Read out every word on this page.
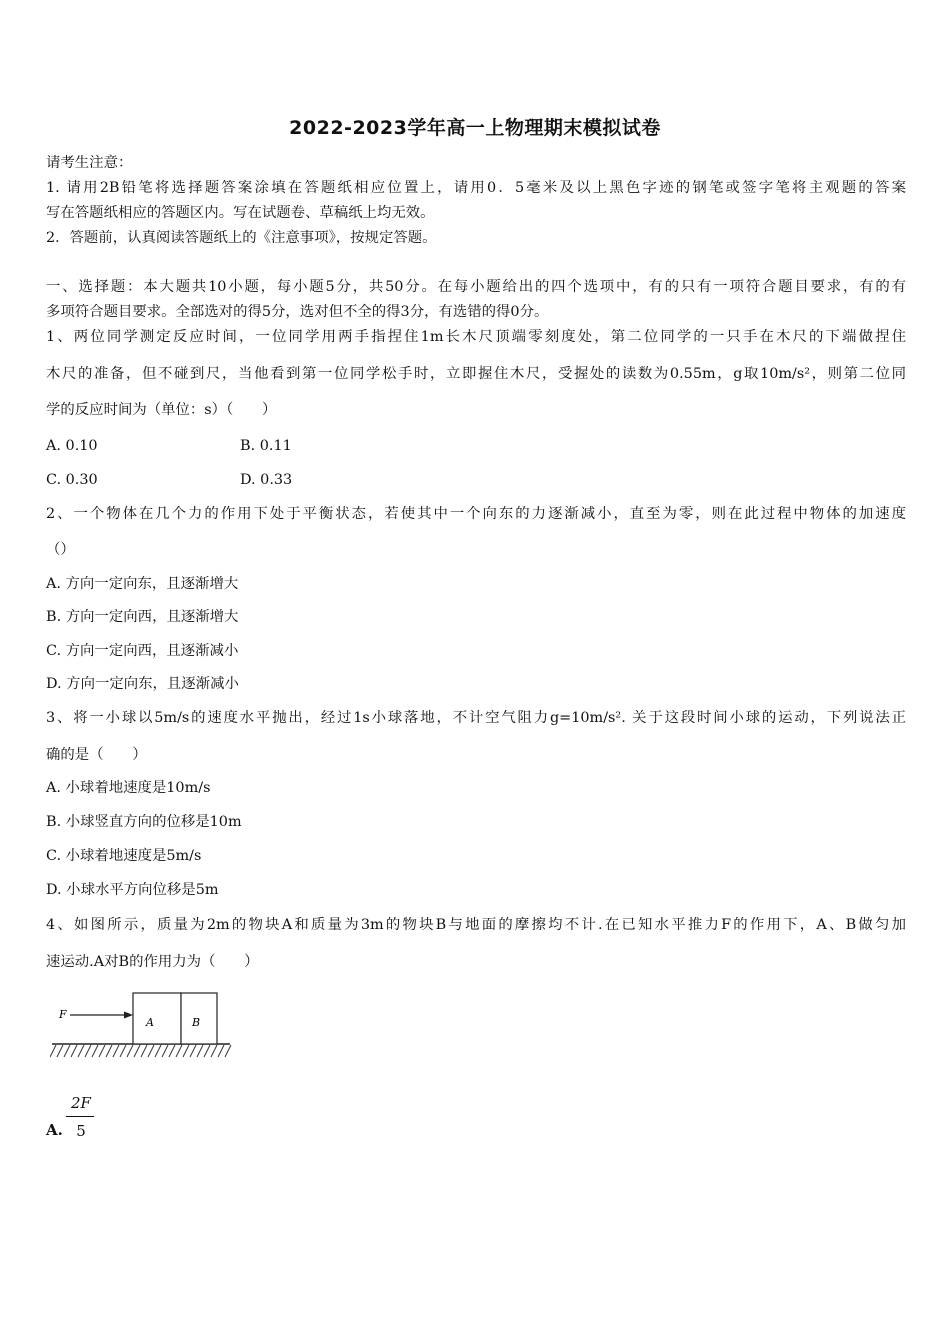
2022-2023学年高一上物理期末模拟试卷
请考生注意：
1. 请用2B铅笔将选择题答案涂填在答题纸相应位置上，请用0．5毫米及以上黑色字迹的钢笔或签字笔将主观题的答案
写在答题纸相应的答题区内。写在试题卷、草稿纸上均无效。
2．答题前，认真阅读答题纸上的《注意事项》，按规定答题。
一、选择题：本大题共10小题，每小题5分，共50分。在每小题给出的四个选项中，有的只有一项符合题目要求，有的有
多项符合题目要求。全部选对的得5分，选对但不全的得3分，有选错的得0分。
1、两位同学测定反应时间，一位同学用两手指捏住1m长木尺顶端零刻度处，第二位同学的一只手在木尺的下端做捏住
木尺的准备，但不碰到尺，当他看到第一位同学松手时，立即握住木尺，受握处的读数为0.55m，g取10m/s²，则第二位同
学的反应时间为（单位：s）（　　）
A. 0.10	B. 0.11
C. 0.30	D. 0.33
2、一个物体在几个力的作用下处于平衡状态，若使其中一个向东的力逐渐减小，直至为零，则在此过程中物体的加速度
（）
A. 方向一定向东，且逐渐增大
B. 方向一定向西，且逐渐增大
C. 方向一定向西，且逐渐减小
D. 方向一定向东，且逐渐减小
3、将一小球以5m/s的速度水平抛出，经过1s小球落地，不计空气阻力g=10m/s². 关于这段时间小球的运动，下列说法正
确的是（　　）
A. 小球着地速度是10m/s
B. 小球竖直方向的位移是10m
C. 小球着地速度是5m/s
D. 小球水平方向位移是5m
4、如图所示，质量为2m的物块A和质量为3m的物块B与地面的摩擦均不计.在已知水平推力F的作用下，A、B做匀加
速运动.A对B的作用力为（　　）
F
A	B
A.
2F
5
